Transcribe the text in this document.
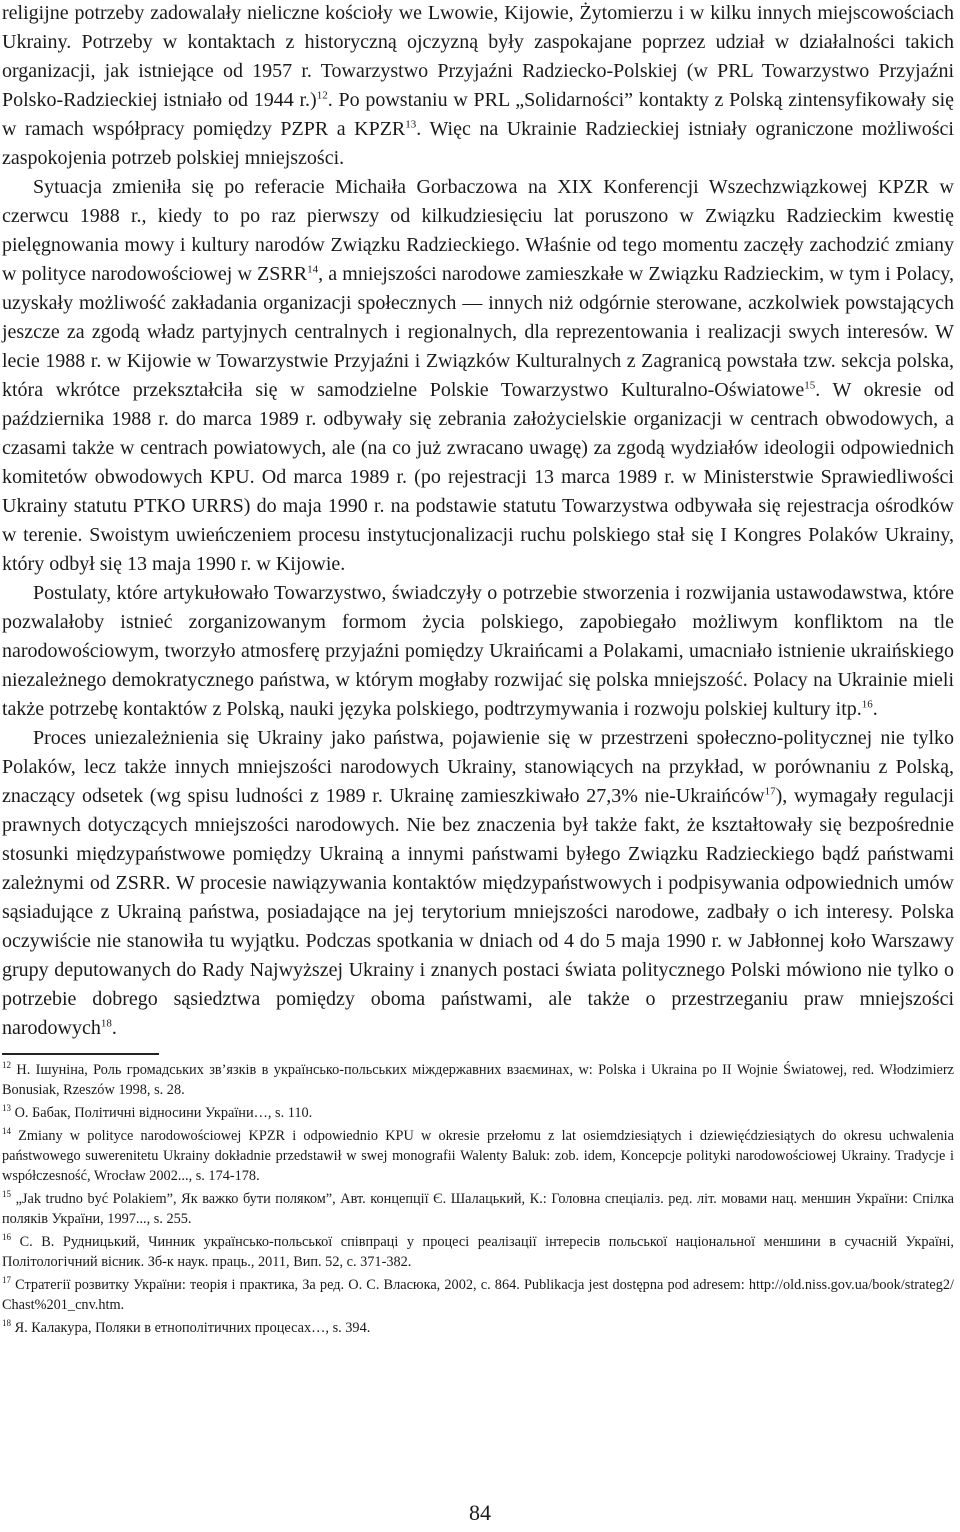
religijne potrzeby zadowalały nieliczne kościoły we Lwowie, Kijowie, Żytomierzu i w kilku innych miejscowościach Ukrainy. Potrzeby w kontaktach z historyczną ojczyzną były zaspokajane poprzez udział w działalności takich organizacji, jak istniejące od 1957 r. Towarzystwo Przyjaźni Radziecko-Polskiej (w PRL Towarzystwo Przyjaźni Polsko-Radzieckiej istniało od 1944 r.)$^{12}$. Po powstaniu w PRL „Solidarności” kontakty z Polską zintensyfikowały się w ramach współpracy pomiędzy PZPR a KPZR$^{13}$. Więc na Ukrainie Radzieckiej istniały ograniczone możliwości zaspokojenia potrzeb polskiej mniejszości.

Sytuacja zmieniła się po referacie Michaiła Gorbaczowa na XIX Konferencji Wszechzwiązkowej KPZR w czerwcu 1988 r., kiedy to po raz pierwszy od kilkudziesięciu lat poruszono w Związku Radzieckim kwestię pielęgnowania mowy i kultury narodów Związku Radzieckiego. Właśnie od tego momentu zaczęły zachodzić zmiany w polityce narodowościowej w ZSRR$^{14}$, a mniejszości narodowe zamieszkałe w Związku Radzieckim, w tym i Polacy, uzyskały możliwość zakładania organizacji społecznych — innych niż odgórnie sterowane, aczkolwiek powstających jeszcze za zgodą władz partyjnych centralnych i regionalnych, dla reprezentowania i realizacji swych interesów. W lecie 1988 r. w Kijowie w Towarzystwie Przyjaźni i Związków Kulturalnych z Zagranicą powstała tzw. sekcja polska, która wkrótce przekształciła się w samodzielne Polskie Towarzystwo Kulturalno-Oświatowe$^{15}$. W okresie od października 1988 r. do marca 1989 r. odbywały się zebrania założycielskie organizacji w centrach obwodowych, a czasami także w centrach powiatowych, ale (na co już zwracano uwagę) za zgodą wydziałów ideologii odpowiednich komitetów obwodowych KPU. Od marca 1989 r. (po rejestracji 13 marca 1989 r. w Ministerstwie Sprawiedliwości Ukrainy statutu PTKO URRS) do maja 1990 r. na podstawie statutu Towarzystwa odbywała się rejestracja ośrodków w terenie. Swoistym uwieńczeniem procesu instytucjonalizacji ruchu polskiego stał się I Kongres Polaków Ukrainy, który odbył się 13 maja 1990 r. w Kijowie.

Postulaty, które artykułowało Towarzystwo, świadczyły o potrzebie stworzenia i rozwijania ustawodawstwa, które pozwalałoby istnieć zorganizowanym formom życia polskiego, zapobiegało możliwym konfliktom na tle narodowościowym, tworzyło atmosferę przyjaźni pomiędzy Ukraińcami a Polakami, umacniało istnienie ukraińskiego niezależnego demokratycznego państwa, w którym mogłaby rozwijać się polska mniejszość. Polacy na Ukrainie mieli także potrzebę kontaktów z Polską, nauki języka polskiego, podtrzymywania i rozwoju polskiej kultury itp.$^{16}$.

Proces uniezależnienia się Ukrainy jako państwa, pojawienie się w przestrzeni społeczno-politycznej nie tylko Polaków, lecz także innych mniejszości narodowych Ukrainy, stanowiących na przykład, w porównaniu z Polską, znaczący odsetek (wg spisu ludności z 1989 r. Ukrainę zamieszkiwało 27,3% nie-Ukraińców$^{17}$), wymagały regulacji prawnych dotyczących mniejszości narodowych. Nie bez znaczenia był także fakt, że kształtowały się bezpośrednie stosunki międzypaństwowe pomiędzy Ukrainą a innymi państwami byłego Związku Radzieckiego bądź państwami zależnymi od ZSRR. W procesie nawiązywania kontaktów międzypaństwowych i podpisywania odpowiednich umów sąsiadujące z Ukrainą państwa, posiadające na jej terytorium mniejszości narodowe, zadbały o ich interesy. Polska oczywiście nie stanowiła tu wyjątku. Podczas spotkania w dniach od 4 do 5 maja 1990 r. w Jabłonnej koło Warszawy grupy deputowanych do Rady Najwyższej Ukrainy i znanych postaci świata politycznego Polski mówiono nie tylko o potrzebie dobrego sąsiedztwa pomiędzy oboma państwami, ale także o przestrzeganiu praw mniejszości narodowych$^{18}$.

$^{12}$ Н. Ішуніна, Роль громадських зв’язків в українсько-польських міждержавних взаєминах, w: Polska i Ukraina po II Wojnie Światowej, red. Włodzimierz Bonusiak, Rzeszów 1998, s. 28.
$^{13}$ О. Бабак, Політичні відносини України…, s. 110.
$^{14}$ Zmiany w polityce narodowościowej KPZR i odpowiednio KPU w okresie przełomu z lat osiemdziesiątych i dziewięćdziesiątych do okresu uchwalenia państwowego suwerenitetu Ukrainy dokładnie przedstawił w swej monografii Walenty Baluk: zob. idem, Koncepcje polityki narodowościowej Ukrainy. Tradycje i współczesność, Wrocław 2002..., s. 174-178.
$^{15}$ „Jak trudno być Polakiem”, Як важко бути поляком”, Авт. концепції Є. Шалацький, К.: Головна спеціаліз. ред. літ. мовами нац. меншин України: Спілка поляків України, 1997..., s. 255.
$^{16}$ С. В. Рудницький, Чинник українсько-польської співпраці у процесі реалізації інтересів польської національної меншини в сучасній Україні, Політологічний вісник. Зб-к наук. праць., 2011, Вип. 52, с. 371-382.
$^{17}$ Стратегії розвитку України: теорія і практика, За ред. О. С. Власюка, 2002, с. 864. Publikacja jest dostępna pod adresem: http://old.niss.gov.ua/book/strateg2/ Chast%201_cnv.htm.
$^{18}$ Я. Калакура, Поляки в етнополітичних процесах…, s. 394.
84
